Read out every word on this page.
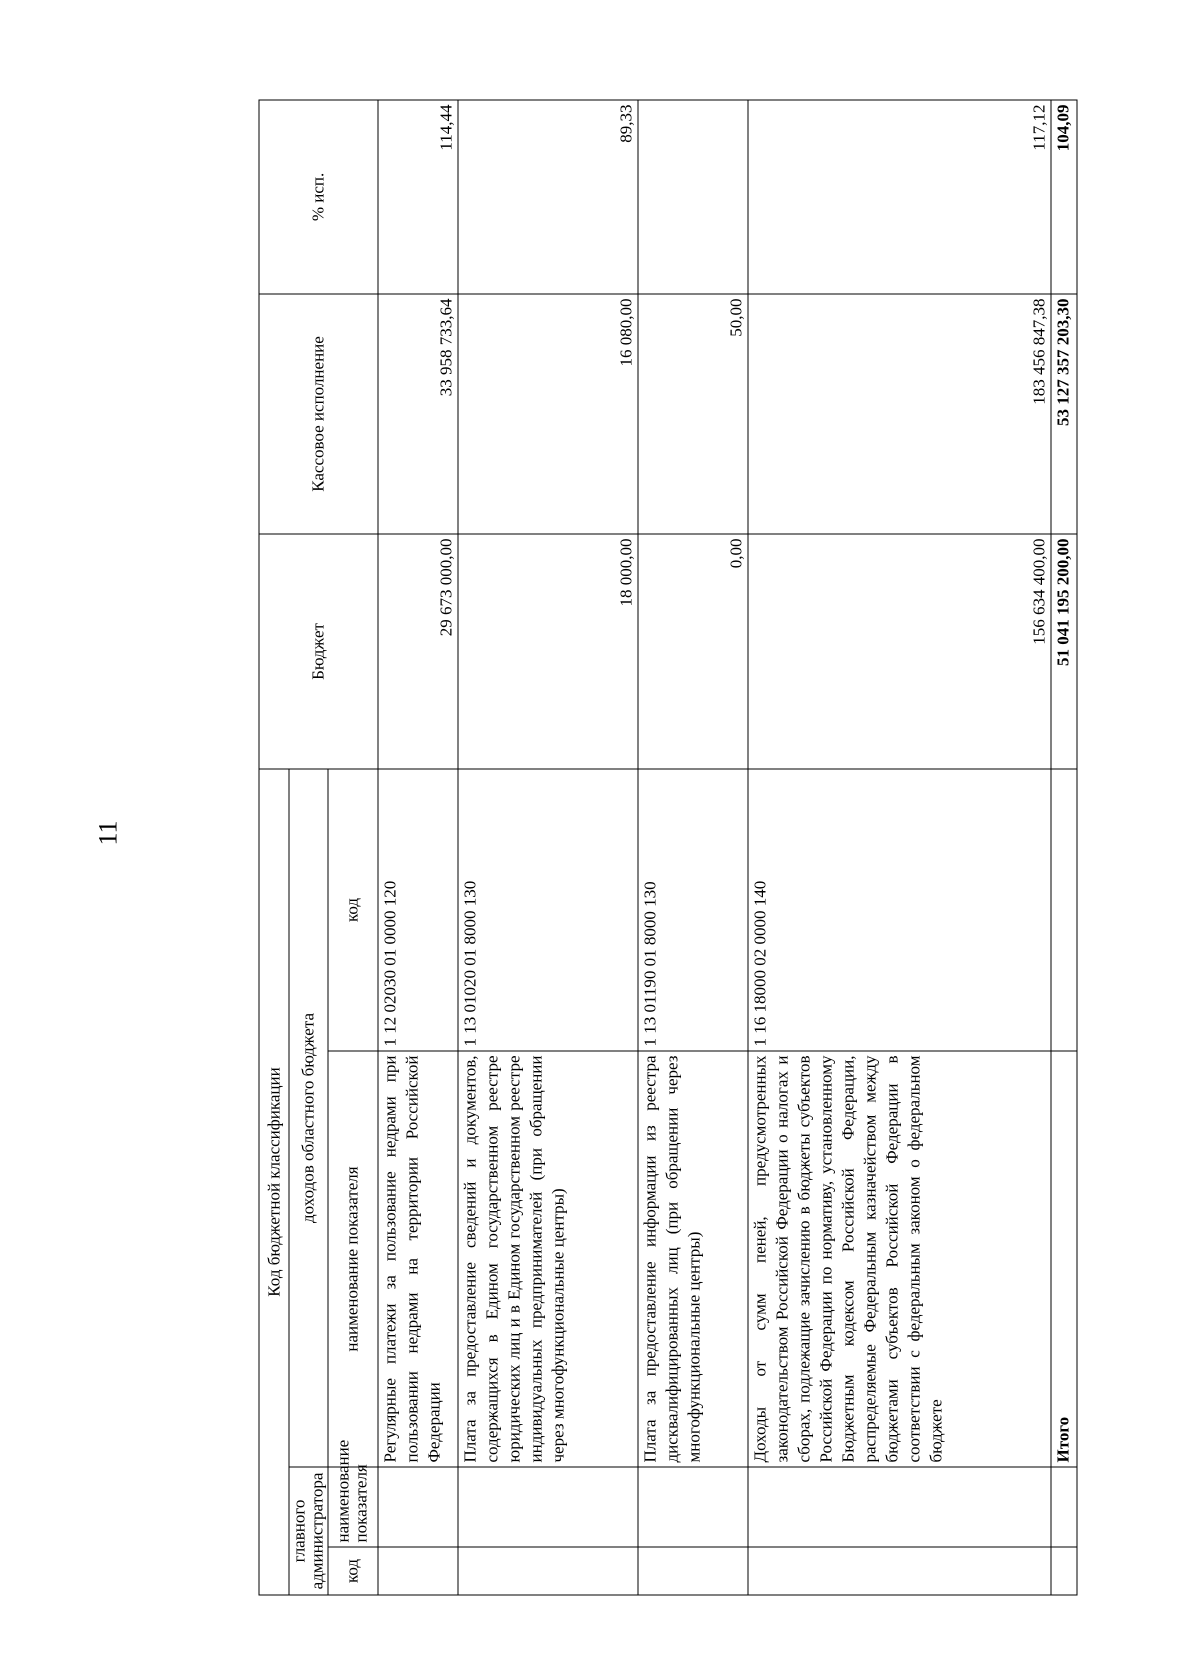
11
Код бюджетной классификации				Бюджет	Кассовое исполнение	% исп.
главного администратора		доходов областного бюджета				
код	наименование показателя	наименование показателя	код			
		Регулярные платежи за пользование недрами при пользовании недрами на территории Российской Федерации	1 12 02030 01 0000 120	29 673 000,00	33 958 733,64	114,44
		Плата за предоставление сведений и документов, содержащихся в Едином государственном реестре юридических лиц и в Едином государственном реестре индивидуальных предпринимателей (при обращении через многофункциональные центры)	1 13 01020 01 8000 130	18 000,00	16 080,00	89,33
		Плата за предоставление информации из реестра дисквалифицированных лиц (при обращении через многофункциональные центры)	1 13 01190 01 8000 130	0,00	50,00	
		Доходы от сумм пеней, предусмотренных законодательством Российской Федерации о налогах и сборах, подлежащие зачислению в бюджеты субъектов Российской Федерации по нормативу, установленному Бюджетным кодексом Российской Федерации, распределяемые Федеральным казначейством между бюджетами субъектов Российской Федерации в соответствии с федеральным законом о федеральном бюджете	1 16 18000 02 0000 140	156 634 400,00	183 456 847,38	117,12
		Итого		51 041 195 200,00	53 127 357 203,30	104,09
